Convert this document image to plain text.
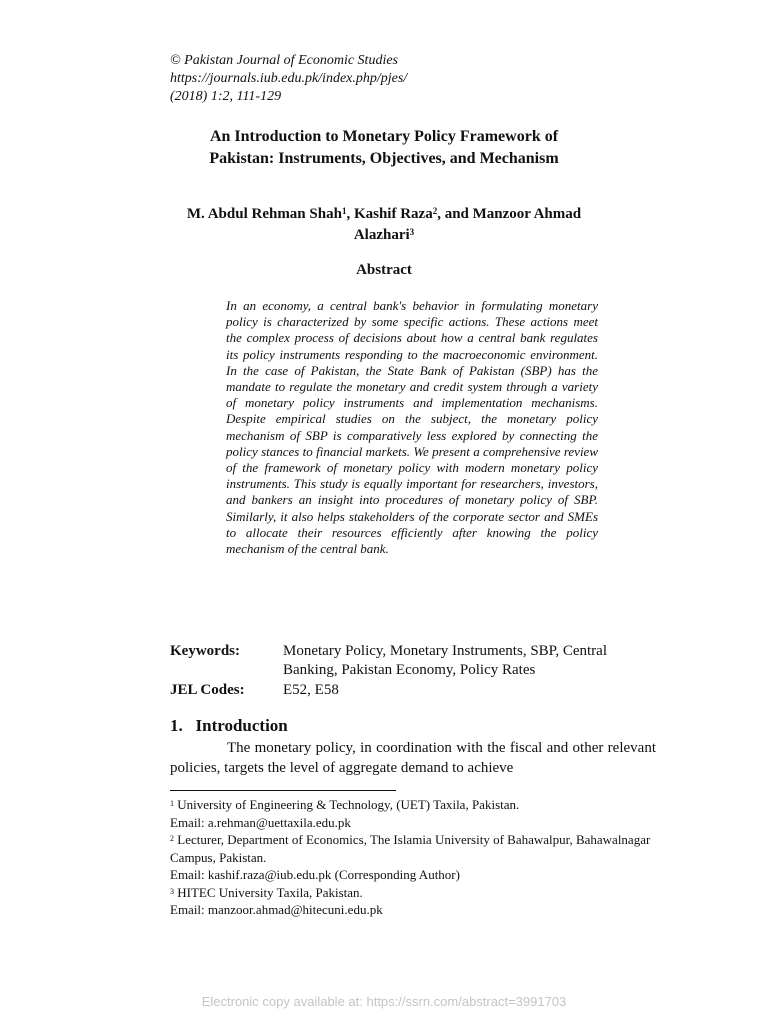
© Pakistan Journal of Economic Studies
https://journals.iub.edu.pk/index.php/pjes/
(2018) 1:2, 111-129
An Introduction to Monetary Policy Framework of
Pakistan: Instruments, Objectives, and Mechanism
M. Abdul Rehman Shah$^1$, Kashif Raza$^2$, and Manzoor Ahmad
Alazhari$^3$
Abstract
In an economy, a central bank's behavior in formulating monetary policy is characterized by some specific actions. These actions meet the complex process of decisions about how a central bank regulates its policy instruments responding to the macroeconomic environment. In the case of Pakistan, the State Bank of Pakistan (SBP) has the mandate to regulate the monetary and credit system through a variety of monetary policy instruments and implementation mechanisms. Despite empirical studies on the subject, the monetary policy mechanism of SBP is comparatively less explored by connecting the policy stances to financial markets. We present a comprehensive review of the framework of monetary policy with modern monetary policy instruments. This study is equally important for researchers, investors, and bankers an insight into procedures of monetary policy of SBP. Similarly, it also helps stakeholders of the corporate sector and SMEs to allocate their resources efficiently after knowing the policy mechanism of the central bank.
Keywords:	Monetary Policy, Monetary Instruments, SBP, Central Banking, Pakistan Economy, Policy Rates
JEL Codes:	E52, E58
1.   Introduction
The monetary policy, in coordination with the fiscal and other relevant policies, targets the level of aggregate demand to achieve
$^1$ University of Engineering & Technology, (UET) Taxila, Pakistan.
Email: a.rehman@uettaxila.edu.pk
$^2$ Lecturer, Department of Economics, The Islamia University of Bahawalpur, Bahawalnagar Campus, Pakistan.
Email: kashif.raza@iub.edu.pk (Corresponding Author)
$^3$ HITEC University Taxila, Pakistan.
Email: manzoor.ahmad@hitecuni.edu.pk
Electronic copy available at: https://ssrn.com/abstract=3991703
